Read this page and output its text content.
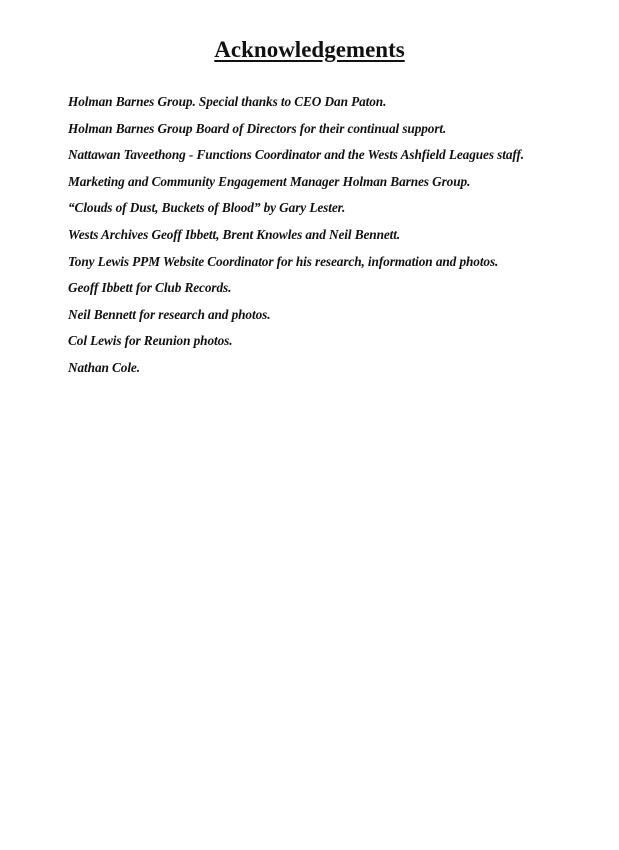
Acknowledgements
Holman Barnes Group. Special thanks to CEO Dan Paton.
Holman Barnes Group Board of Directors for their continual support.
Nattawan Taveethong - Functions Coordinator and the Wests Ashfield Leagues staff.
Marketing and Community Engagement Manager Holman Barnes Group.
“Clouds of Dust, Buckets of Blood” by Gary Lester.
Wests Archives Geoff Ibbett, Brent Knowles and Neil Bennett.
Tony Lewis PPM Website Coordinator for his research, information and photos.
Geoff Ibbett for Club Records.
Neil Bennett for research and photos.
Col Lewis for Reunion photos.
Nathan Cole.
